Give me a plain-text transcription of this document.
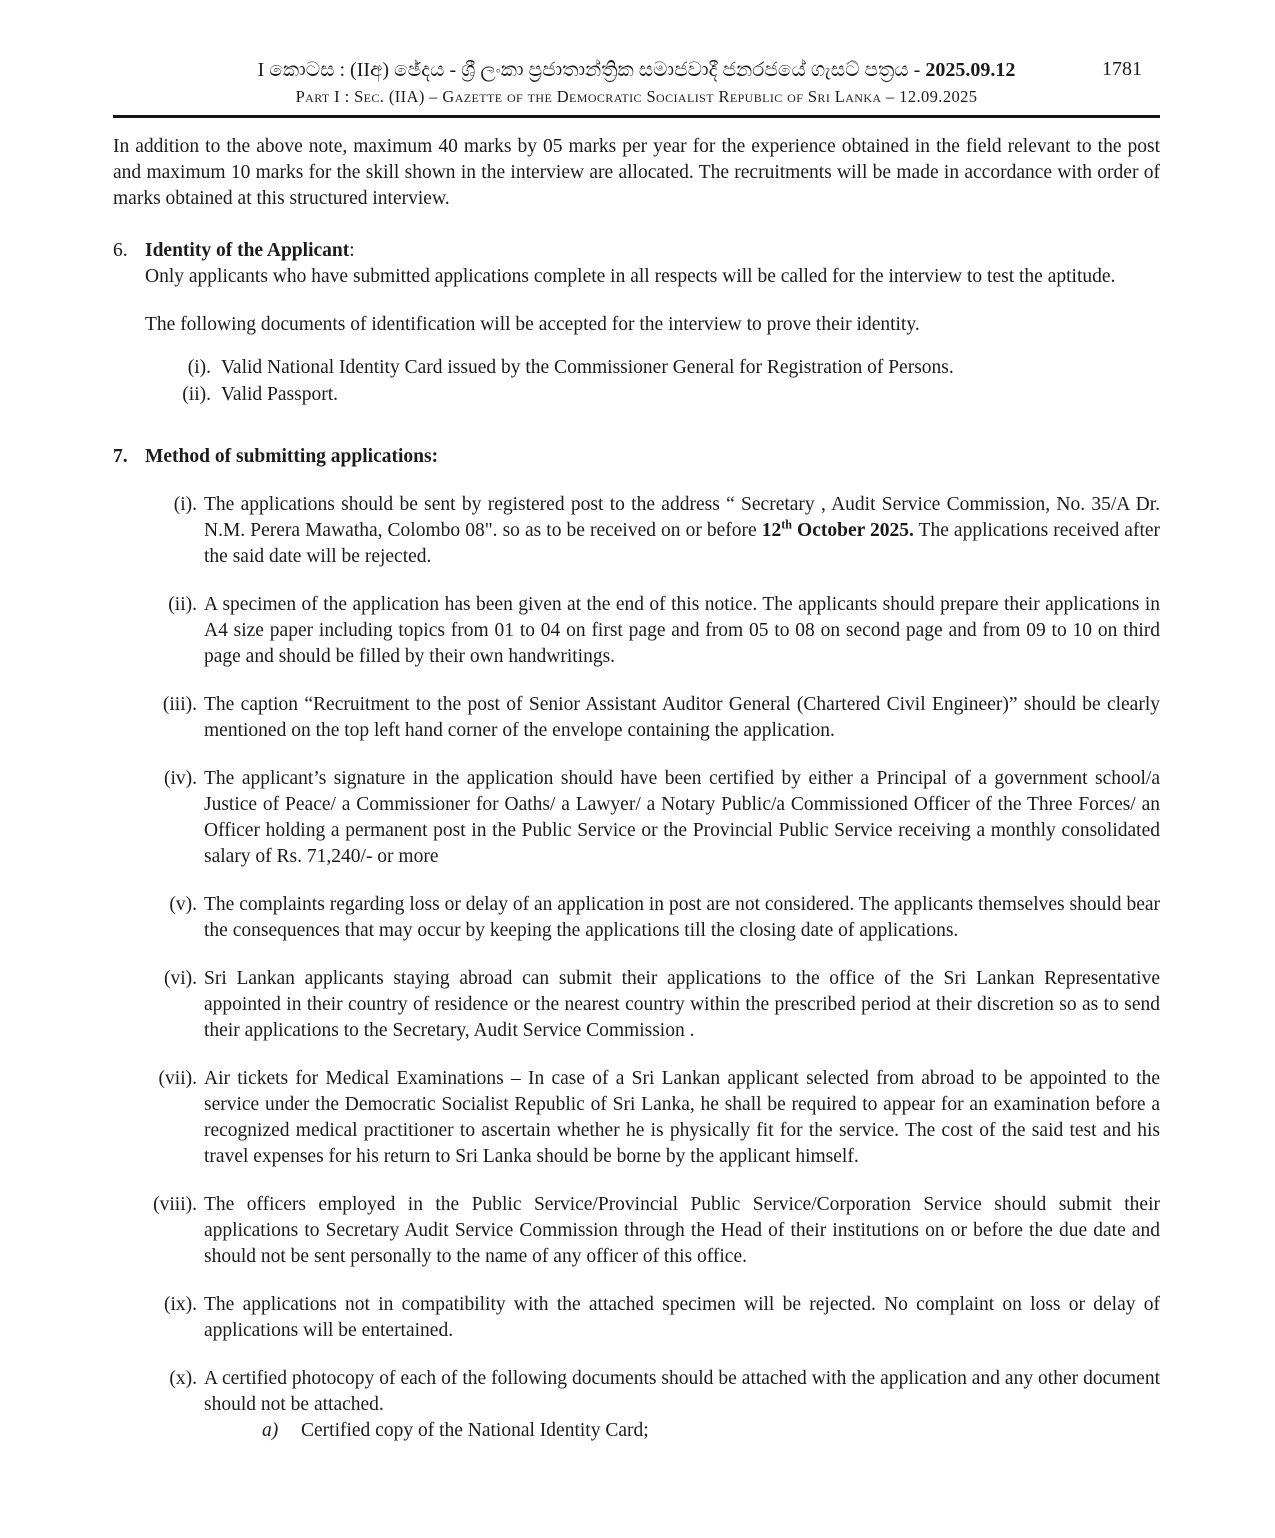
I කොටස : (IIඅ) ඡේදය - ශ්‍රී ලංකා ප්‍රජාතාන්ත්‍රික සමාජවාදී ජනරජයේ ගැසට් පත්‍රය - 2025.09.12	1781
Part I : Sec. (IIA) – Gazette of the Democratic Socialist Republic of Sri Lanka – 12.09.2025

In addition to the above note, maximum 40 marks by 05 marks per year for the experience obtained in the field relevant to the post and maximum 10 marks for the skill shown in the interview are allocated. The recruitments will be made in accordance with order of marks obtained at this structured interview.

6. Identity of the Applicant:

Only applicants who have submitted applications complete in all respects will be called for the interview to test the aptitude.

The following documents of identification will be accepted for the interview to prove their identity.

(i). Valid National Identity Card issued by the Commissioner General for Registration of Persons.
(ii). Valid Passport.
7. Method of submitting applications:
(i). The applications should be sent by registered post to the address “ Secretary , Audit Service Commission, No. 35/A Dr. N.M. Perera Mawatha, Colombo 08". so as to be received on or before 12th October 2025. The applications received after the said date will be rejected.
(ii). A specimen of the application has been given at the end of this notice. The applicants should prepare their applications in A4 size paper including topics from 01 to 04 on first page and from 05 to 08 on second page and from 09 to 10 on third page and should be filled by their own handwritings.
(iii). The caption “Recruitment to the post of Senior Assistant Auditor General (Chartered Civil Engineer)” should be clearly mentioned on the top left hand corner of the envelope containing the application.
(iv). The applicant’s signature in the application should have been certified by either a Principal of a government school/a Justice of Peace/ a Commissioner for Oaths/ a Lawyer/ a Notary Public/a Commissioned Officer of the Three Forces/ an Officer holding a permanent post in the Public Service or the Provincial Public Service receiving a monthly consolidated salary of Rs. 71,240/- or more
(v). The complaints regarding loss or delay of an application in post are not considered. The applicants themselves should bear the consequences that may occur by keeping the applications till the closing date of applications.
(vi). Sri Lankan applicants staying abroad can submit their applications to the office of the Sri Lankan Representative appointed in their country of residence or the nearest country within the prescribed period at their discretion so as to send their applications to the Secretary, Audit Service Commission .
(vii). Air tickets for Medical Examinations – In case of a Sri Lankan applicant selected from abroad to be appointed to the service under the Democratic Socialist Republic of Sri Lanka, he shall be required to appear for an examination before a recognized medical practitioner to ascertain whether he is physically fit for the service. The cost of the said test and his travel expenses for his return to Sri Lanka should be borne by the applicant himself.
(viii). The officers employed in the Public Service/Provincial Public Service/Corporation Service should submit their applications to Secretary Audit Service Commission through the Head of their institutions on or before the due date and should not be sent personally to the name of any officer of this office.
(ix). The applications not in compatibility with the attached specimen will be rejected. No complaint on loss or delay of applications will be entertained.
(x). A certified photocopy of each of the following documents should be attached with the application and any other document should not be attached.
a)	Certified copy of the National Identity Card;
